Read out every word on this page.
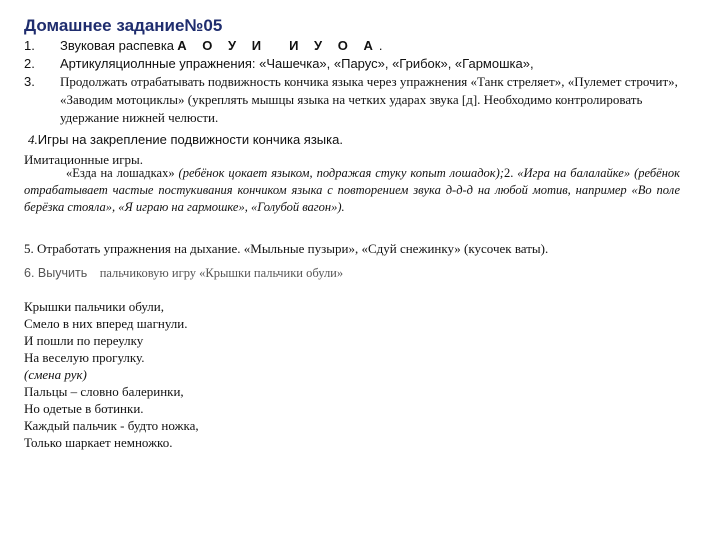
Домашнее задание№05
1. Звуковая распевка А О У И И У О А.
2. Артикуляциолнные упражнения: «Чашечка», «Парус», «Грибок», «Гармошка»,
3. Продолжать отрабатывать подвижность кончика языка через упражнения «Танк стреляет», «Пулемет строчит», «Заводим мотоциклы» (укреплять мышцы языка на четких ударах звука [д]. Необходимо контролировать удержание нижней челюсти.
4.Игры на закрепление подвижности кончика языка.

Имитационные игры.

«Езда на лошадках» (ребёнок цокает языком, подражая стуку копыт лошадок);2. «Игра на балалайке» (ребёнок отрабатывает частые постукивания кончиком языка с повторением звука д-д-д на любой мотив, например «Во поле берёзка стояла», «Я играю на гармошке», «Голубой вагон»).

5. Отработать упражнения на дыхание. «Мыльные пузыри», «Сдуй снежинку» (кусочек ваты).
6. Выучить пальчиковую игру «Крышки пальчики обули»
Крышки пальчики обули,
Смело в них вперед шагнули.
И пошли по переулку
На веселую прогулку.
(смена рук)
Пальцы – словно балеринки,
Но одетые в ботинки.
Каждый пальчик - будто ножка,
Только шаркает немножко.
